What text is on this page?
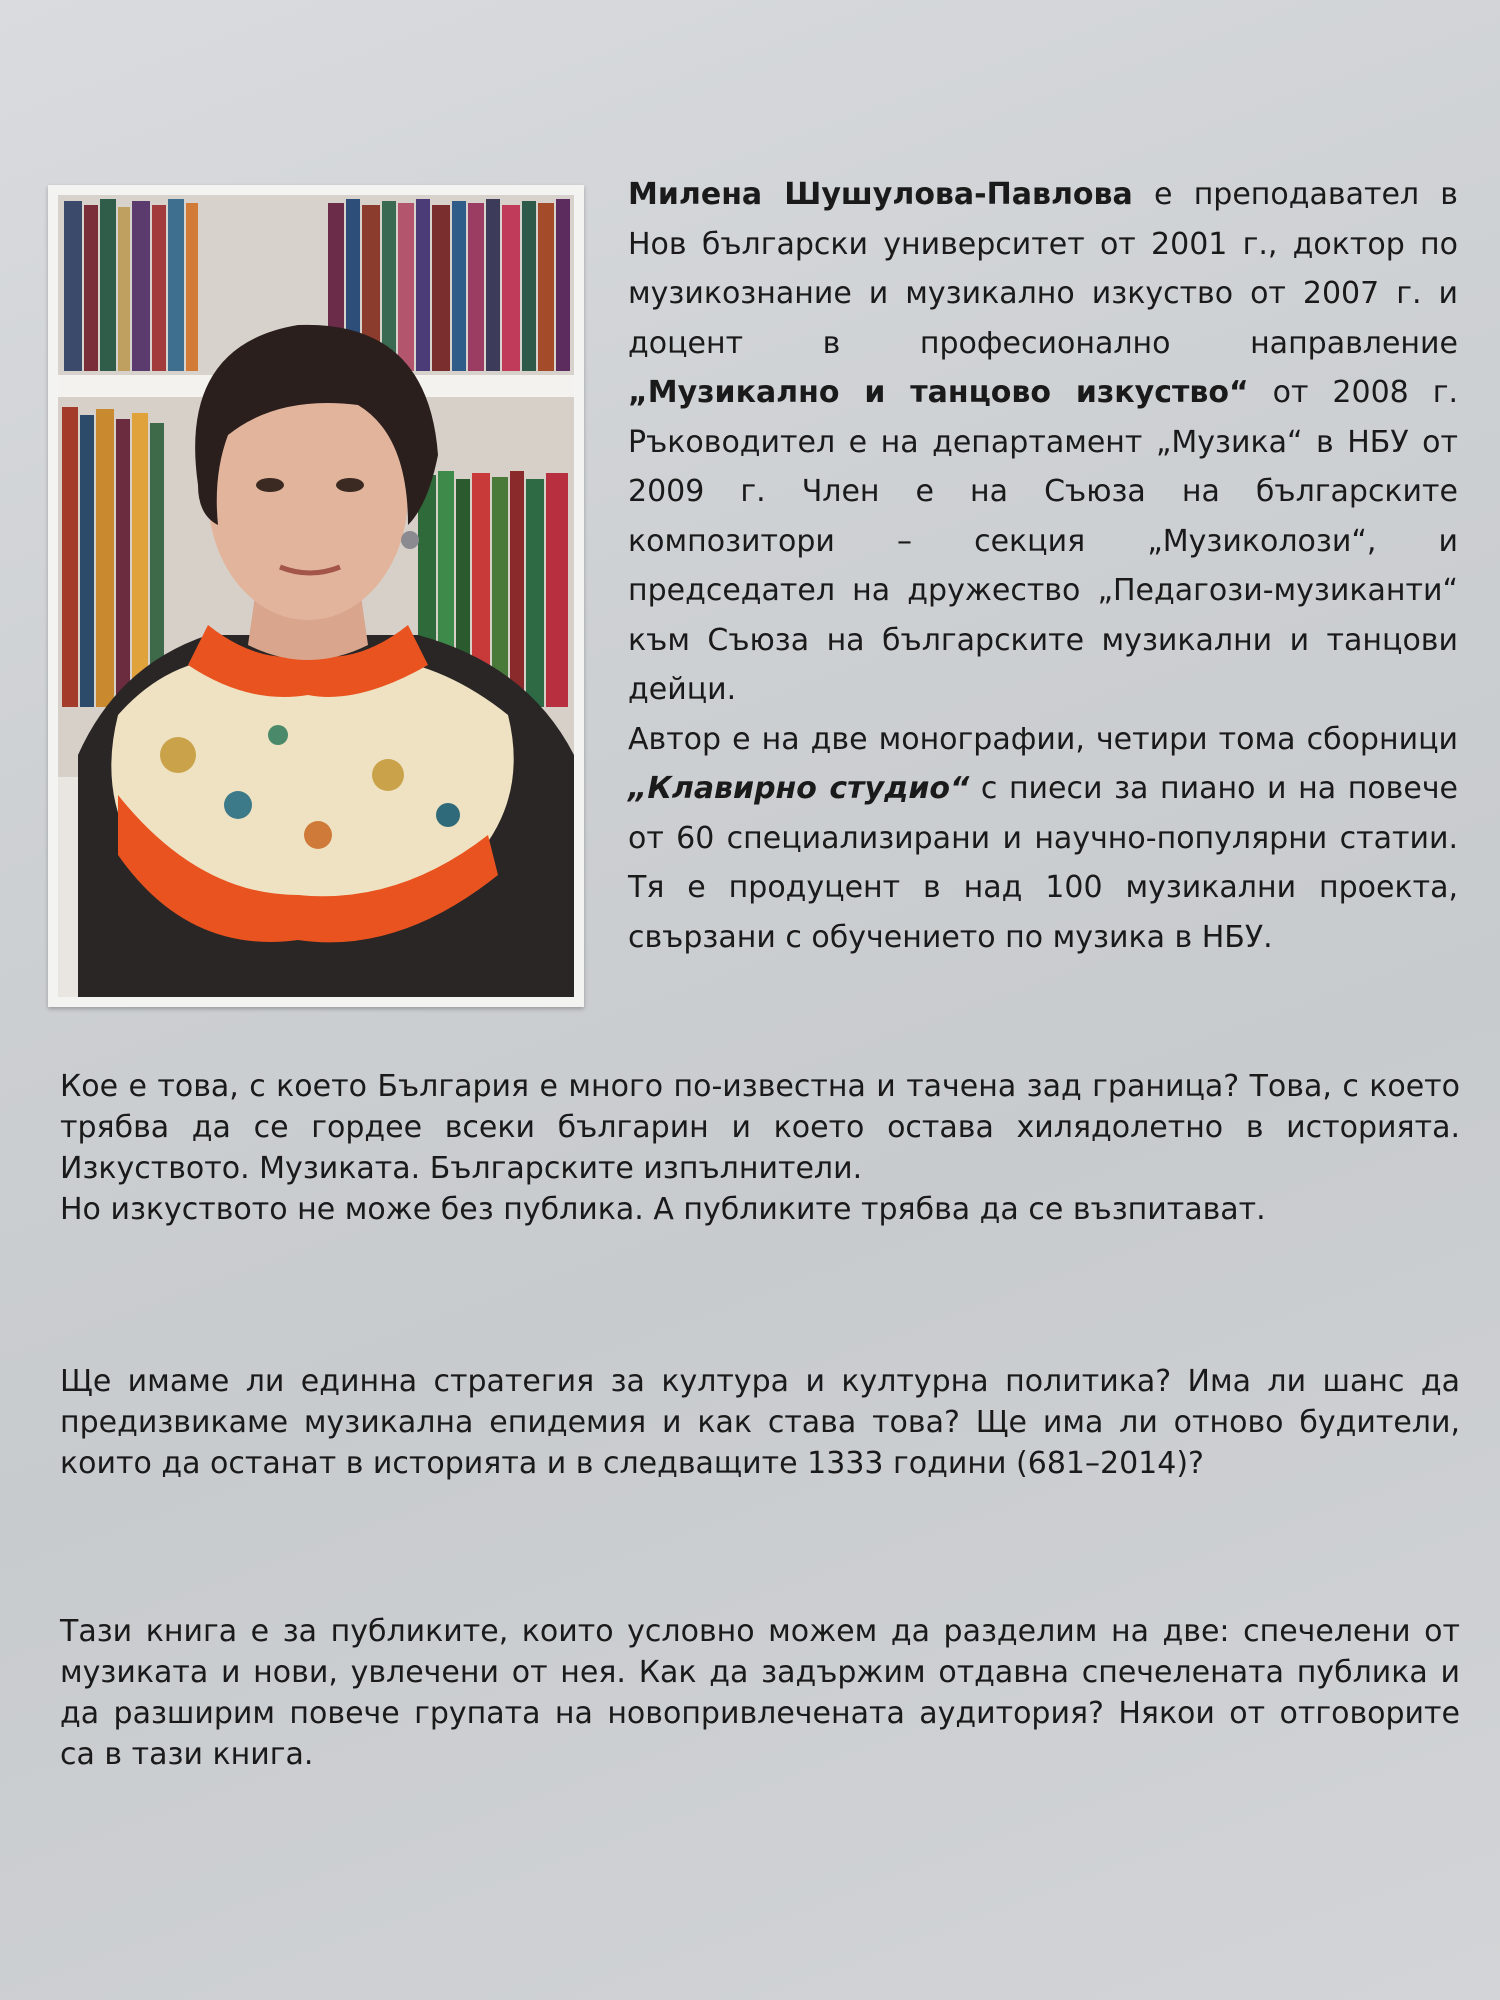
Милена Шушулова-Павлова е преподавател в Нов български университет от 2001 г., доктор по музикознание и музикално изкуство от 2007 г. и доцент в професионално направление „Музикално и танцово изкуство“ от 2008 г. Ръководител е на департамент „Музика“ в НБУ от 2009 г. Член е на Съюза на българските композитори – секция „Музиколози“, и председател на дружество „Педагози-музиканти“ към Съюза на българските музикални и танцови дейци.

Автор е на две монографии, четири тома сборници „Клавирно студио“ с пиеси за пиано и на повече от 60 специализирани и научно-популярни статии. Тя е продуцент в над 100 музикални проекта, свързани с обучението по музика в НБУ.

Кое е това, с което България е много по-известна и тачена зад граница? Това, с което трябва да се гордее всеки българин и което остава хилядолетно в историята. Изкуството. Музиката. Българските изпълнители.

Но изкуството не може без публика. А публиките трябва да се възпитават.

Ще имаме ли единна стратегия за култура и културна политика? Има ли шанс да предизвикаме музикална епидемия и как става това? Ще има ли отново будители, които да останат в историята и в следващите 1333 години (681–2014)?

Тази книга е за публиките, които условно можем да разделим на две: спечелени от музиката и нови, увлечени от нея. Как да задържим отдавна спечелената публика и да разширим повече групата на новопривлечената аудитория? Някои от отговорите са в тази книга.
